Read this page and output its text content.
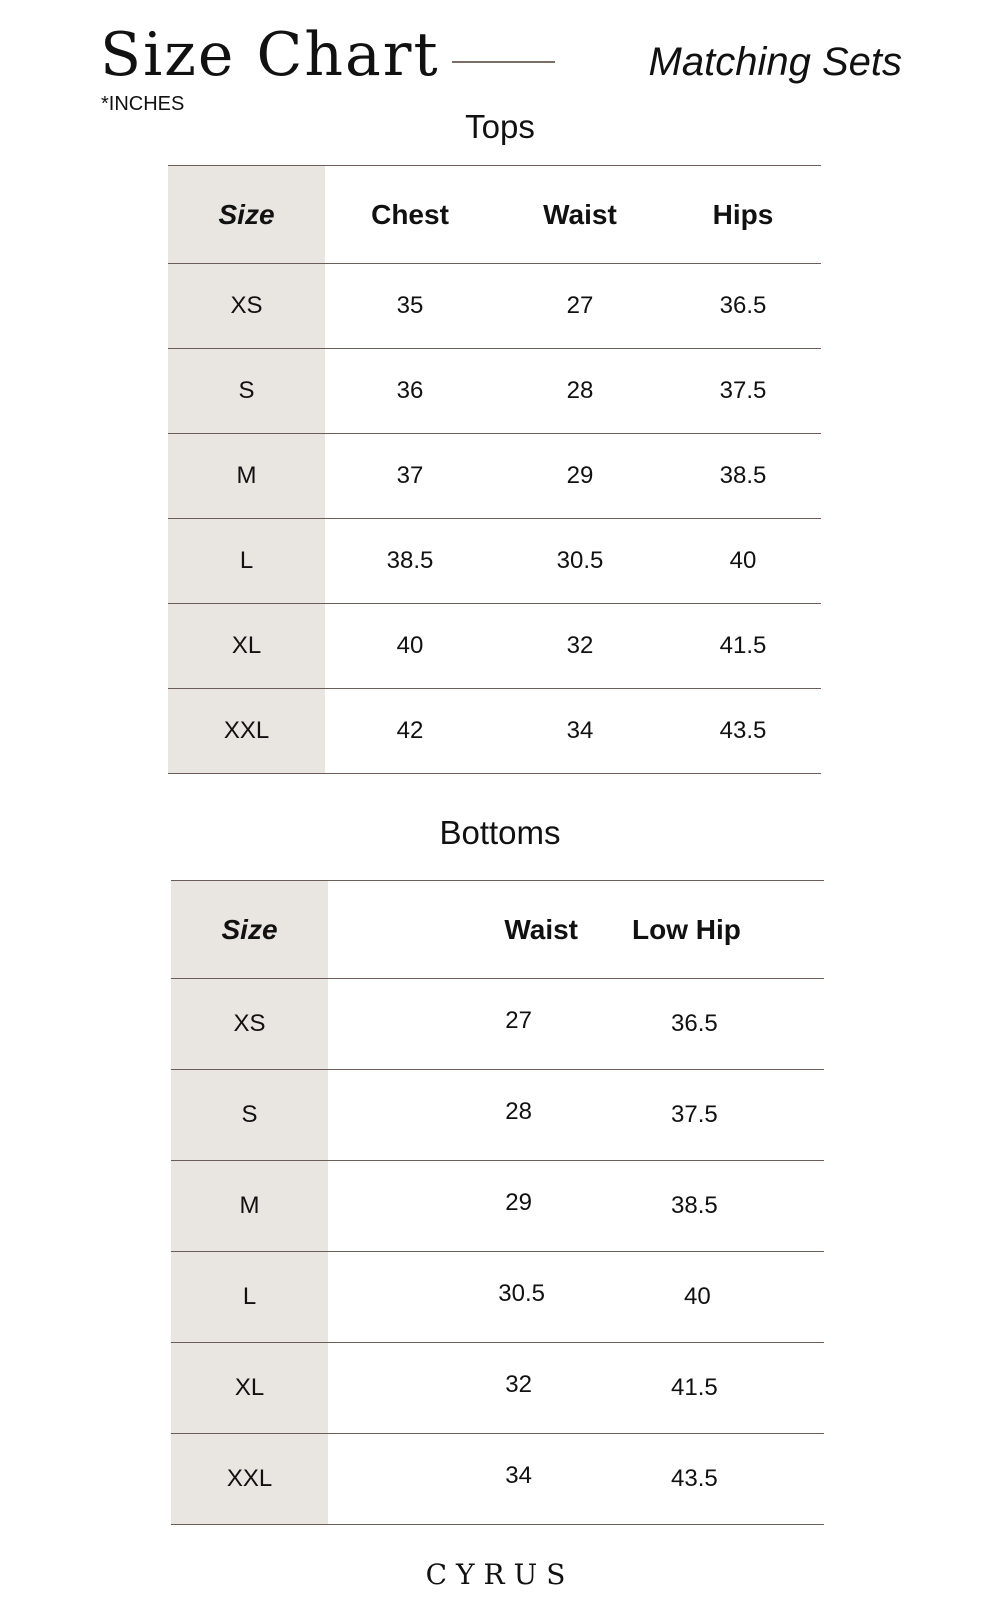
Size Chart
*INCHES
Matching Sets
Tops
Size	Chest	Waist	Hips
XS	35	27	36.5
S	36	28	37.5
M	37	29	38.5
L	38.5	30.5	40
XL	40	32	41.5
XXL	42	34	43.5
Bottoms
Size	Waist	Low Hip
XS	27	36.5
S	28	37.5
M	29	38.5
L	30.5	40
XL	32	41.5
XXL	34	43.5
CYRUS
